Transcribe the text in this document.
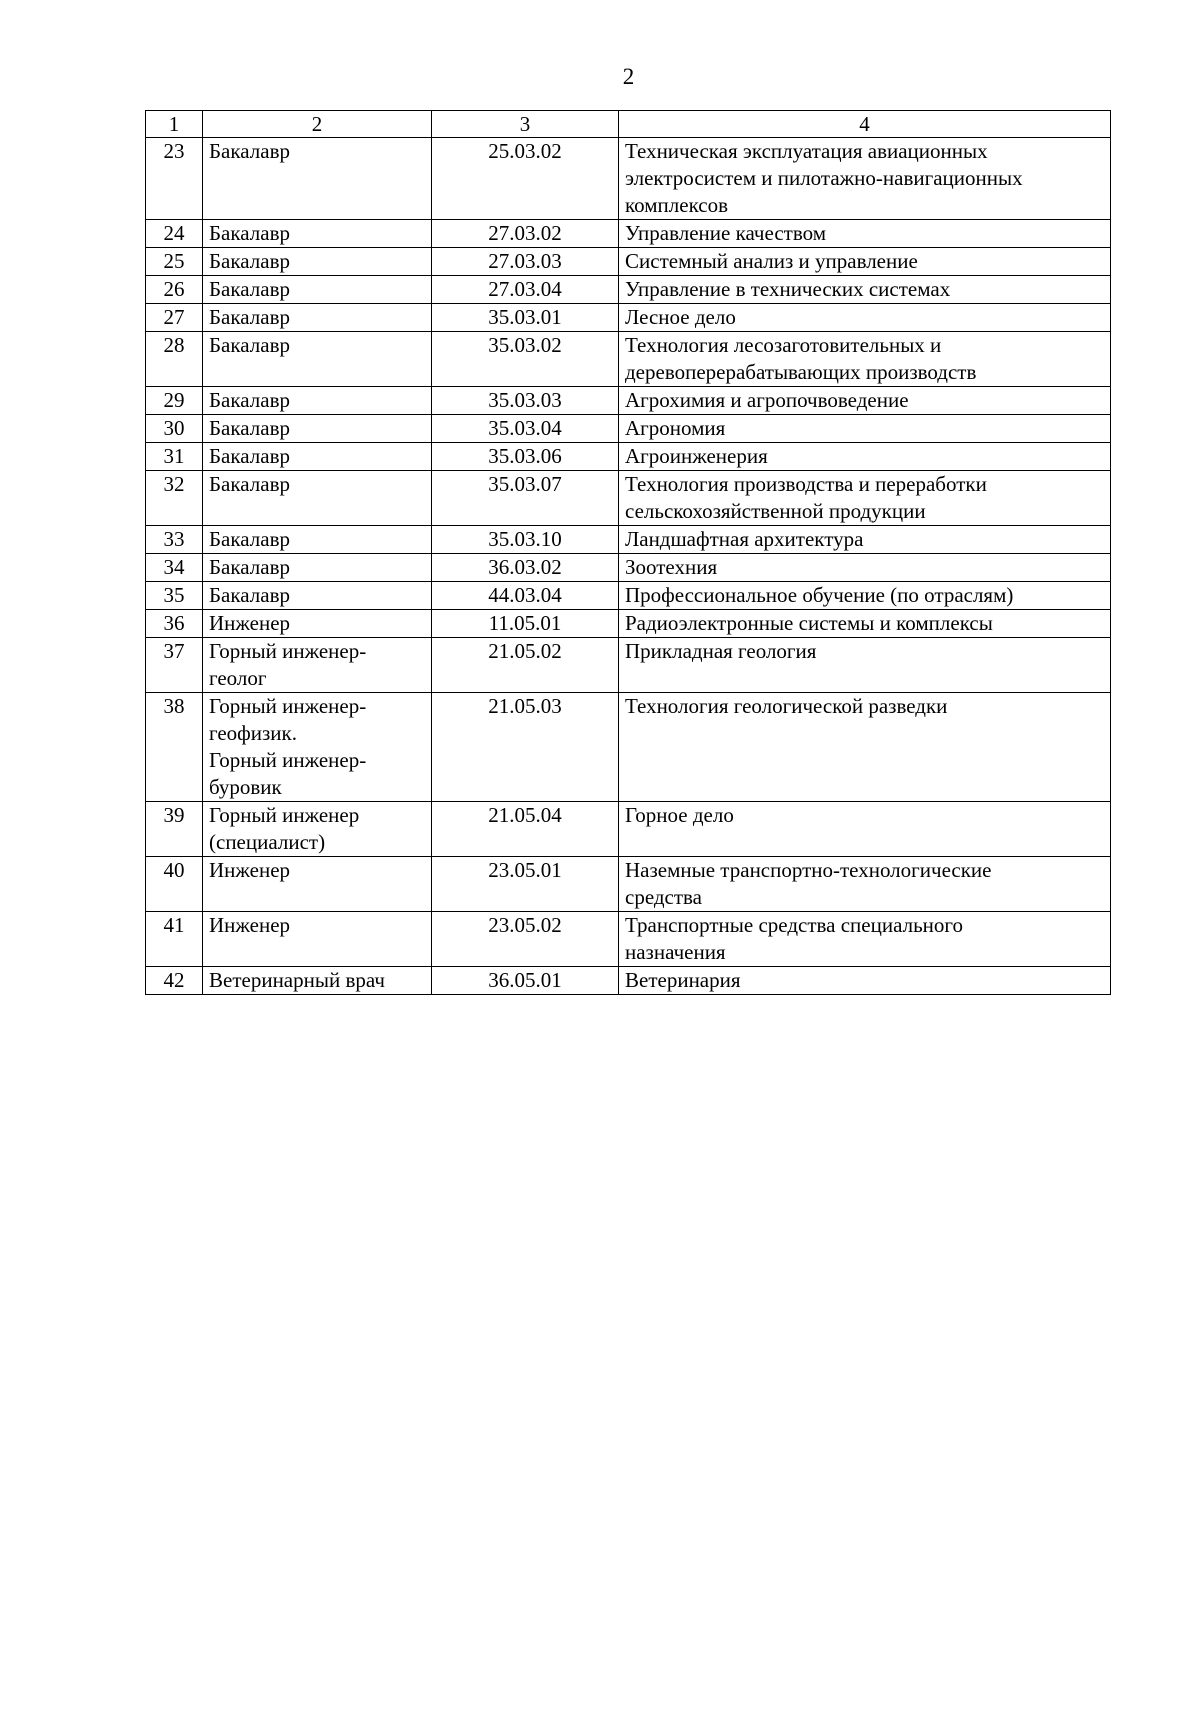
2
1	2	3	4
23	Бакалавр	25.03.02	Техническая эксплуатация авиационных
электросистем и пилотажно-навигационных
комплексов
24	Бакалавр	27.03.02	Управление качеством
25	Бакалавр	27.03.03	Системный анализ и управление
26	Бакалавр	27.03.04	Управление в технических системах
27	Бакалавр	35.03.01	Лесное дело
28	Бакалавр	35.03.02	Технология лесозаготовительных и
деревоперерабатывающих производств
29	Бакалавр	35.03.03	Агрохимия и агропочвоведение
30	Бакалавр	35.03.04	Агрономия
31	Бакалавр	35.03.06	Агроинженерия
32	Бакалавр	35.03.07	Технология производства и переработки
сельскохозяйственной продукции
33	Бакалавр	35.03.10	Ландшафтная архитектура
34	Бакалавр	36.03.02	Зоотехния
35	Бакалавр	44.03.04	Профессиональное обучение (по отраслям)
36	Инженер	11.05.01	Радиоэлектронные системы и комплексы
37	Горный инженер-
геолог	21.05.02	Прикладная геология
38	Горный инженер-
геофизик.
Горный инженер-
буровик	21.05.03	Технология геологической разведки
39	Горный инженер
(специалист)	21.05.04	Горное дело
40	Инженер	23.05.01	Наземные транспортно-технологические
средства
41	Инженер	23.05.02	Транспортные средства специального
назначения
42	Ветеринарный врач	36.05.01	Ветеринария
